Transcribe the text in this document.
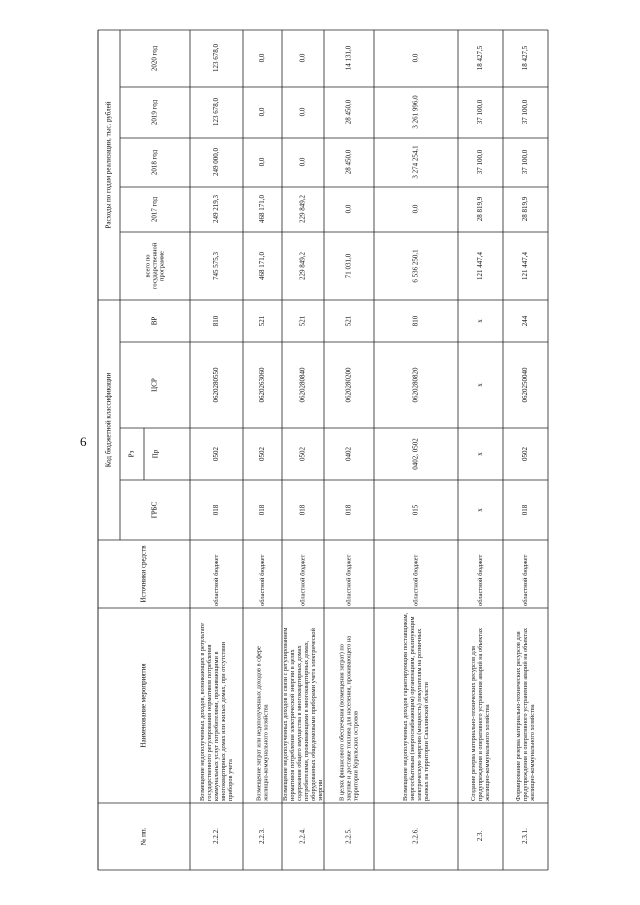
6
№ пп.
Наименование мероприятия
Источники средств
Код бюджетной классификации
ГРБС
Рз Пр
ЦСР
ВР
Расходы по годам реализации, тыс. рублей
всего по государственной программе
2017 год
2018 год
2019 год
2020 год
2.2.2.
Возмещение недополученных доходов, возникающих в результате государственного регулирования нормативов потребления коммунальных услуг потребителями, проживающими в многоквартирных домах или жилых домах, при отсутствии приборов учета
областной бюджет
018
0502
0620280550
810
745 575,3
249 219,3
249 000,0
123 678,0
123 678,0
2.2.3.
Возмещение затрат или недополученных доходов в сфере жилищно-коммунального хозяйства
областной бюджет
018
0502
0620263060
521
468 171,0
468 171,0
0,0
0,0
0,0
2.2.4.
Возмещение недополученных доходов в связи с регулированием нормативов потребления электрической энергии в целях содержания общего имущества в многоквартирных домах потребителями, проживающими в многоквартирных домах, оборудованных общедомовыми приборами учета электрической энергии
областной бюджет
018
0502
0620280840
521
229 849,2
229 849,2
0,0
0,0
0,0
2.2.5.
В целях финансового обеспечения (возмещения затрат) по закупке и доставке топлива для населения, проживающего на территории Курильских островов
областной бюджет
018
0402
0620280200
521
71 031,0
0,0
28 450,0
28 450,0
14 131,0
2.2.6.
Возмещение недополученных доходов гарантирующим поставщикам, энергосбытовым (энергоснабжающим) организациям, реализующим электрическую энергию (мощность) покупателям на розничных рынках на территории Сахалинской области
областной бюджет
015
0402, 0502
0620280820
810
6 536 250,1
0,0
3 274 254,1
3 261 996,0
0,0
2.3.
Создание резерва материально-технических ресурсов для предупреждения и оперативного устранения аварий на объектах жилищно-коммунального хозяйства
областной бюджет
х
х
х
х
121 447,4
28 819,9
37 100,0
37 100,0
18 427,5
2.3.1.
Формирование резерва материально-технических ресурсов для предупреждения и оперативного устранения аварий на объектах жилищно-коммунального хозяйства
областной бюджет
018
0502
0620250040
244
121 447,4
28 819,9
37 100,0
37 100,0
18 427,5
